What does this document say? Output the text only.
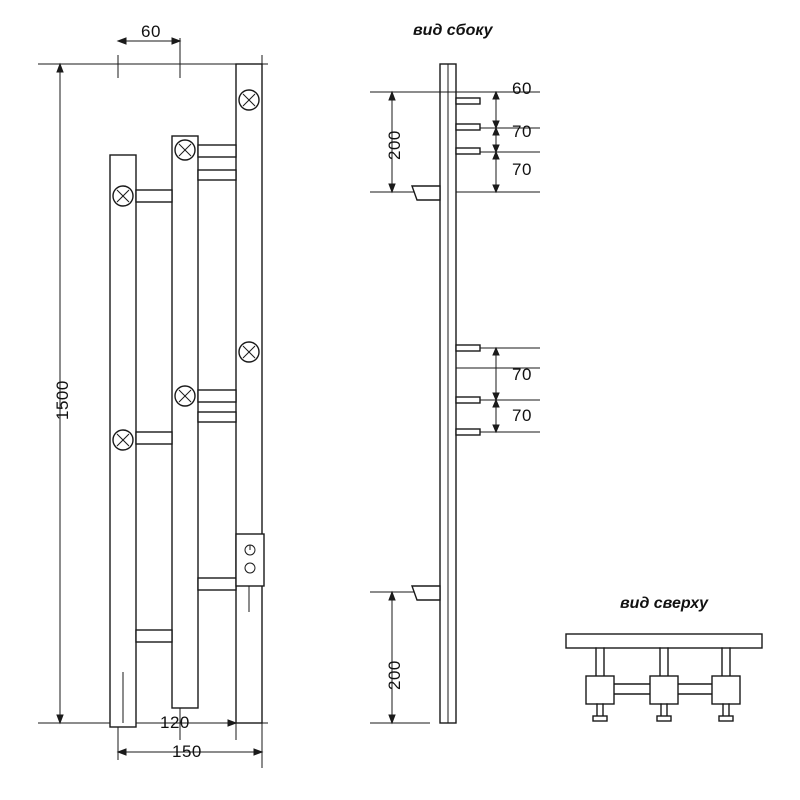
60
1500
120
150
вид сбоку
вид сверху
200
200
60
70
70
70
70
